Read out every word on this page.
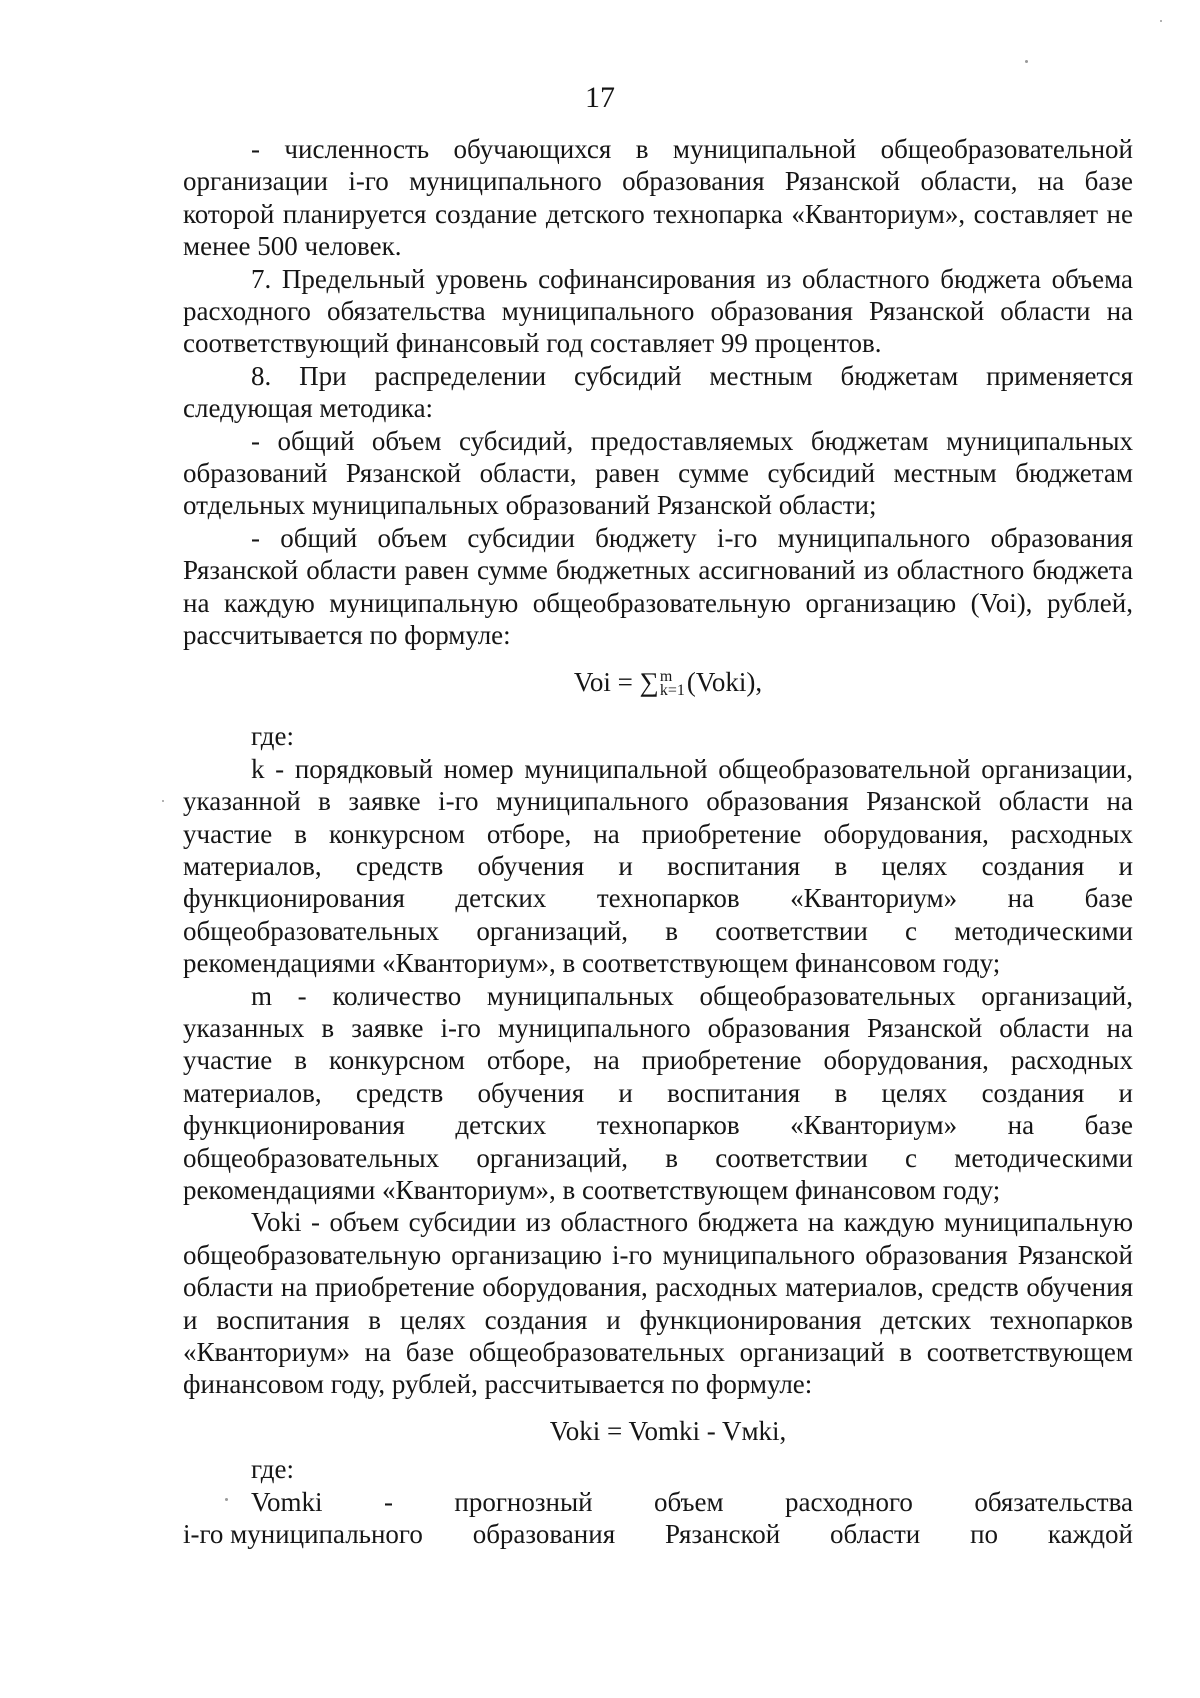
17

- численность обучающихся в муниципальной общеобразовательной организации i-го муниципального образования Рязанской области, на базе которой планируется создание детского технопарка «Кванториум», составляет не менее 500 человек.

7. Предельный уровень софинансирования из областного бюджета объема расходного обязательства муниципального образования Рязанской области на соответствующий финансовый год составляет 99 процентов.

8. При распределении субсидий местным бюджетам применяется следующая методика:

- общий объем субсидий, предоставляемых бюджетам муниципальных образований Рязанской области, равен сумме субсидий местным бюджетам отдельных муниципальных образований Рязанской области;

- общий объем субсидии бюджету i-го муниципального образования Рязанской области равен сумме бюджетных ассигнований из областного бюджета на каждую муниципальную общеобразовательную организацию (Voi), рублей, рассчитывается по формуле:

Voi = ∑ m
k=1 (Voki),

где:

k - порядковый номер муниципальной общеобразовательной организации, указанной в заявке i-го муниципального образования Рязанской области на участие в конкурсном отборе, на приобретение оборудования, расходных материалов, средств обучения и воспитания в целях создания и функционирования детских технопарков «Кванториум» на базе общеобразовательных организаций, в соответствии с методическими рекомендациями «Кванториум», в соответствующем финансовом году;

m - количество муниципальных общеобразовательных организаций, указанных в заявке i-го муниципального образования Рязанской области на участие в конкурсном отборе, на приобретение оборудования, расходных материалов, средств обучения и воспитания в целях создания и функционирования детских технопарков «Кванториум» на базе общеобразовательных организаций, в соответствии с методическими рекомендациями «Кванториум», в соответствующем финансовом году;

Voki - объем субсидии из областного бюджета на каждую муниципальную общеобразовательную организацию i-го муниципального образования Рязанской области на приобретение оборудования, расходных материалов, средств обучения и воспитания в целях создания и функционирования детских технопарков «Кванториум» на базе общеобразовательных организаций в соответствующем финансовом году, рублей, рассчитывается по формуле:

Voki = Vomki - Vмki,

где:

Vomki - прогнозный объем расходного обязательства

i-го муниципального образования Рязанской области по каждой
